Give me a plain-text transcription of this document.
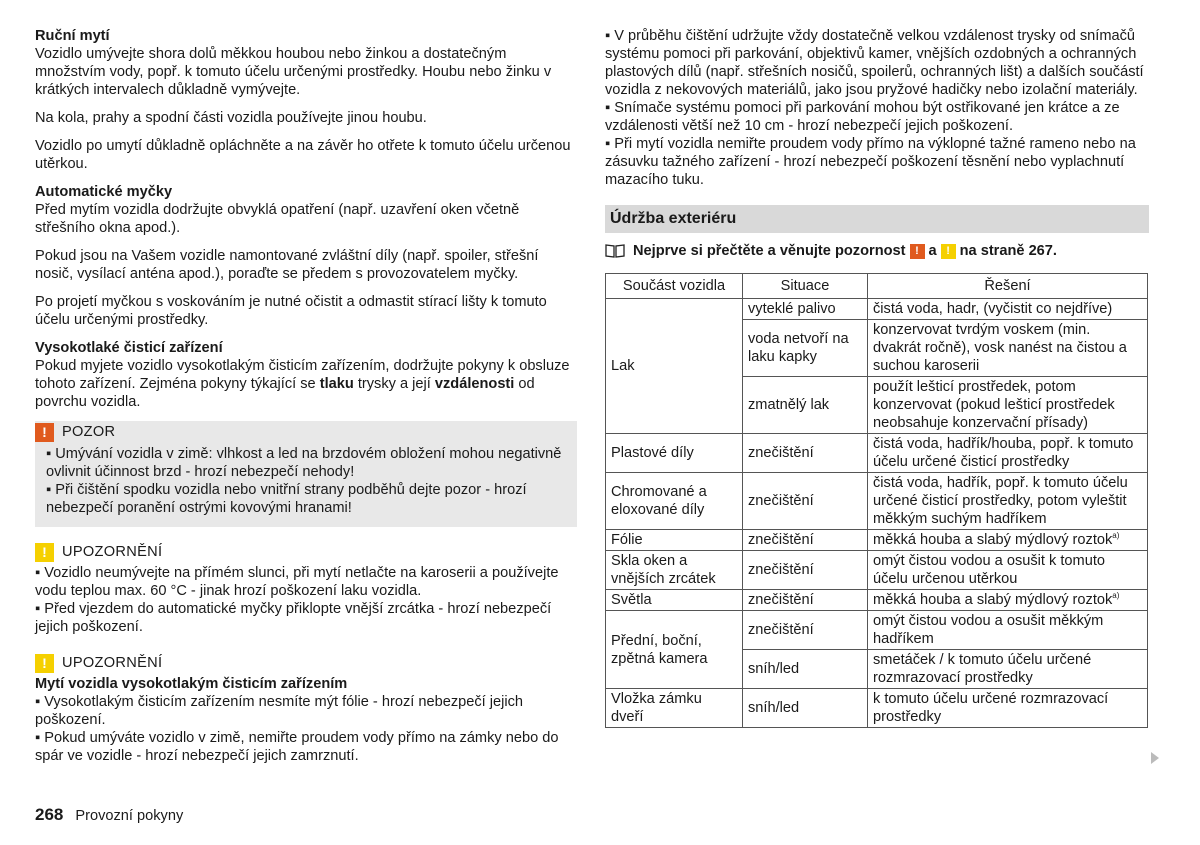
Ruční mytí

Vozidlo umývejte shora dolů měkkou houbou nebo žinkou a dostatečným množstvím vody, popř. k tomuto účelu určenými prostředky. Houbu nebo žinku v krátkých intervalech důkladně vymývejte.

Na kola, prahy a spodní části vozidla používejte jinou houbu.

Vozidlo po umytí důkladně opláchněte a na závěr ho otřete k tomuto účelu určenou utěrkou.

Automatické myčky

Před mytím vozidla dodržujte obvyklá opatření (např. uzavření oken včetně střešního okna apod.).

Pokud jsou na Vašem vozidle namontované zvláštní díly (např. spoiler, střešní nosič, vysílací anténa apod.), poraďte se předem s provozovatelem myčky.

Po projetí myčkou s voskováním je nutné očistit a odmastit stírací lišty k tomuto účelu určenými prostředky.

Vysokotlaké čisticí zařízení

Pokud myjete vozidlo vysokotlakým čisticím zařízením, dodržujte pokyny k obsluze tohoto zařízení. Zejména pokyny týkající se tlaku trysky a její vzdálenosti od povrchu vozidla.

!	POZOR
▪ Umývání vozidla v zimě: vlhkost a led na brzdovém obložení mohou negativně ovlivnit účinnost brzd - hrozí nebezpečí nehody!
▪ Při čištění spodku vozidla nebo vnitřní strany podběhů dejte pozor - hrozí nebezpečí poranění ostrými kovovými hranami!
!	UPOZORNĚNÍ
▪ Vozidlo neumývejte na přímém slunci, při mytí netlačte na karoserii a používejte vodu teplou max. 60 °C - jinak hrozí poškození laku vozidla.
▪ Před vjezdem do automatické myčky přiklopte vnější zrcátka - hrozí nebezpečí jejich poškození.
!	UPOZORNĚNÍ
Mytí vozidla vysokotlakým čisticím zařízením
▪ Vysokotlakým čisticím zařízením nesmíte mýt fólie - hrozí nebezpečí jejich poškození.
▪ Pokud umýváte vozidlo v zimě, nemiřte proudem vody přímo na zámky nebo do spár ve vozidle - hrozí nebezpečí jejich zamrznutí.
▪ V průběhu čištění udržujte vždy dostatečně velkou vzdálenost trysky od snímačů systému pomoci při parkování, objektivů kamer, vnějších ozdobných a ochranných plastových dílů (např. střešních nosičů, spoilerů, ochranných lišt) a dalších součástí vozidla z nekovových materiálů, jako jsou pryžové hadičky nebo izolační materiály.
▪ Snímače systému pomoci při parkování mohou být ostřikované jen krátce a ze vzdálenosti větší než 10 cm - hrozí nebezpečí jejich poškození.
▪ Při mytí vozidla nemiřte proudem vody přímo na výklopné tažné rameno nebo na zásuvku tažného zařízení - hrozí nebezpečí poškození těsnění nebo vyplachnutí mazacího tuku.
Údržba exteriéru
Nejprve si přečtěte a věnujte pozornost ! a ! na straně 267.
Součást vozidla	Situace	Řešení
Lak	vyteklé palivo	čistá voda, hadr, (vyčistit co nejdříve)
	voda netvoří na laku kapky	konzervovat tvrdým voskem (min. dvakrát ročně), vosk nanést na čistou a suchou karoserii
	zmatnělý lak	použít lešticí prostředek, potom konzervovat (pokud lešticí prostředek neobsahuje konzervační přísady)
Plastové díly	znečištění	čistá voda, hadřík/houba, popř. k tomuto účelu určené čisticí prostředky
Chromované a eloxované díly	znečištění	čistá voda, hadřík, popř. k tomuto účelu určené čisticí prostředky, potom vyleštit měkkým suchým hadříkem
Fólie	znečištění	měkká houba a slabý mýdlový roztok$^{a)}$
Skla oken a vnějších zrcátek	znečištění	omýt čistou vodou a osušit k tomuto účelu určenou utěrkou
Světla	znečištění	měkká houba a slabý mýdlový roztok$^{a)}$
Přední, boční, zpětná kamera	znečištění	omýt čistou vodou a osušit měkkým hadříkem
	sníh/led	smetáček / k tomuto účelu určené rozmrazovací prostředky
Vložka zámku dveří	sníh/led	k tomuto účelu určené rozmrazovací prostředky
268 Provozní pokyny
